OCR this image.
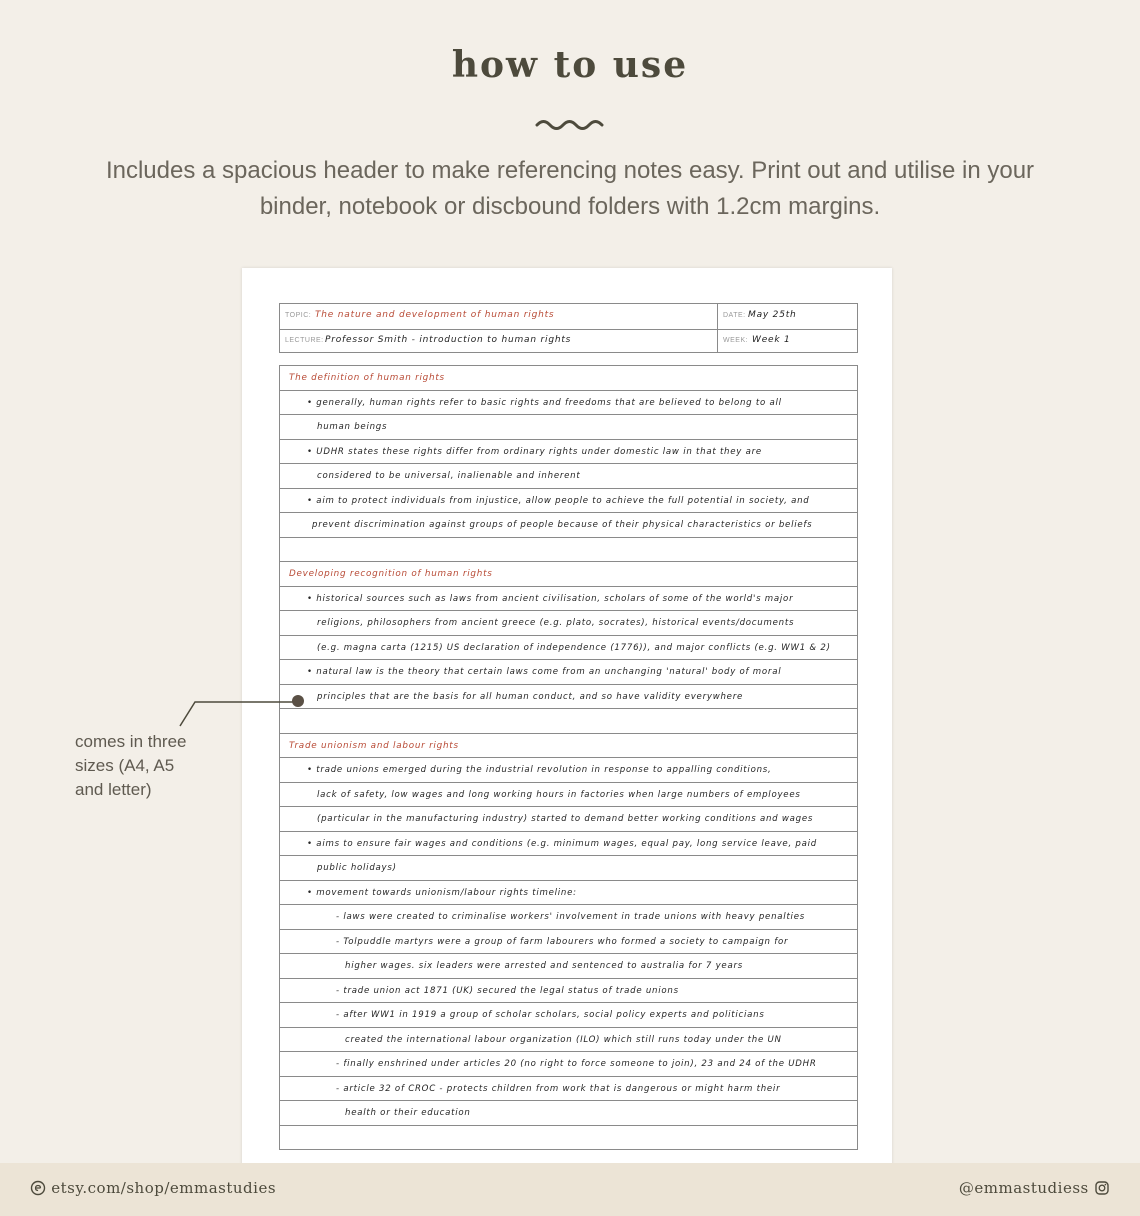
how to use
Includes a spacious header to make referencing notes easy. Print out and utilise in your
binder, notebook or discbound folders with 1.2cm margins.
TOPIC: The nature and development of human rights	DATE: May 25th
LECTURE: Professor Smith - introduction to human rights	WEEK: Week 1
The definition of human rights
• generally, human rights refer to basic rights and freedoms that are believed to belong to all
human beings
• UDHR states these rights differ from ordinary rights under domestic law in that they are
considered to be universal, inalienable and inherent
• aim to protect individuals from injustice, allow people to achieve the full potential in society, and
prevent discrimination against groups of people because of their physical characteristics or beliefs
Developing recognition of human rights
• historical sources such as laws from ancient civilisation, scholars of some of the world's major
religions, philosophers from ancient greece (e.g. plato, socrates), historical events/documents
(e.g. magna carta (1215) US declaration of independence (1776)), and major conflicts (e.g. WW1 & 2)
• natural law is the theory that certain laws come from an unchanging 'natural' body of moral
principles that are the basis for all human conduct, and so have validity everywhere
Trade unionism and labour rights
• trade unions emerged during the industrial revolution in response to appalling conditions,
lack of safety, low wages and long working hours in factories when large numbers of employees
(particular in the manufacturing industry) started to demand better working conditions and wages
• aims to ensure fair wages and conditions (e.g. minimum wages, equal pay, long service leave, paid
public holidays)
• movement towards unionism/labour rights timeline:
- laws were created to criminalise workers' involvement in trade unions with heavy penalties
- Tolpuddle martyrs were a group of farm labourers who formed a society to campaign for
higher wages. six leaders were arrested and sentenced to australia for 7 years
- trade union act 1871 (UK) secured the legal status of trade unions
- after WW1 in 1919 a group of scholar scholars, social policy experts and politicians
created the international labour organization (ILO) which still runs today under the UN
- finally enshrined under articles 20 (no right to force someone to join), 23 and 24 of the UDHR
- article 32 of CROC - protects children from work that is dangerous or might harm their
health or their education
comes in three
sizes (A4, A5
and letter)
etsy.com/shop/emmastudies	@emmastudiess
